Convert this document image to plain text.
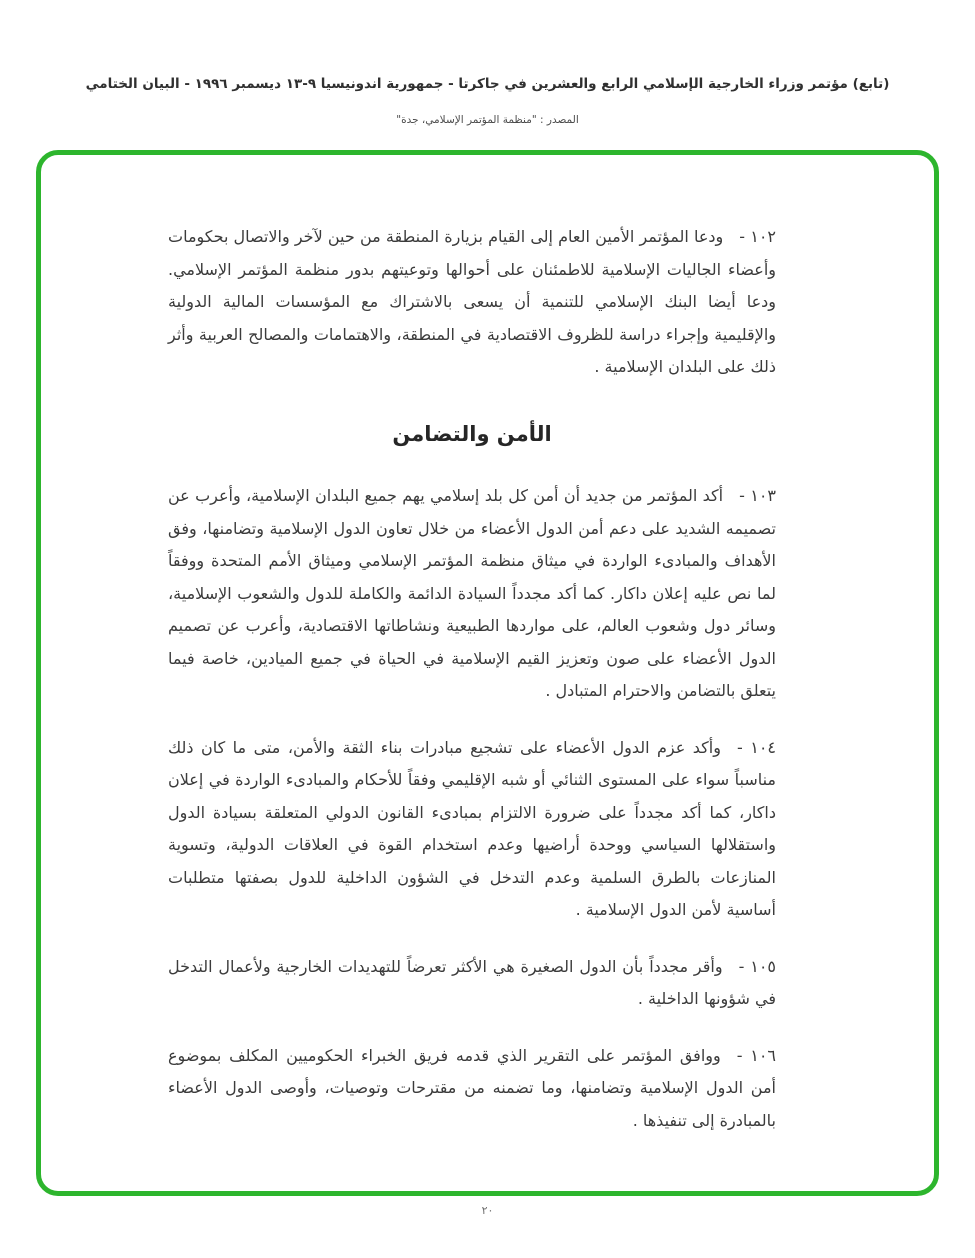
(تابع) مؤتمر وزراء الخارجية الإسلامي الرابع والعشرين في جاكرتا - جمهورية اندونيسيا ٩-١٣ ديسمبر ١٩٩٦ - البيان الختامي
المصدر : "منظمة المؤتمر الإسلامي، جدة"

١٠٢ -ودعا المؤتمر الأمين العام إلى القيام بزيارة المنطقة من حين لآخر والاتصال بحكومات وأعضاء الجاليات الإسلامية للاطمئنان على أحوالها وتوعيتهم بدور منظمة المؤتمر الإسلامي. ودعا أيضا البنك الإسلامي للتنمية أن يسعى بالاشتراك مع المؤسسات المالية الدولية والإقليمية وإجراء دراسة للظروف الاقتصادية في المنطقة، والاهتمامات والمصالح العربية وأثر ذلك على البلدان الإسلامية .

الأمن والتضامن

١٠٣ -أكد المؤتمر من جديد أن أمن كل بلد إسلامي يهم جميع البلدان الإسلامية، وأعرب عن تصميمه الشديد على دعم أمن الدول الأعضاء من خلال تعاون الدول الإسلامية وتضامنها، وفق الأهداف والمبادىء الواردة في ميثاق منظمة المؤتمر الإسلامي وميثاق الأمم المتحدة ووفقاً لما نص عليه إعلان داكار. كما أكد مجدداً السيادة الدائمة والكاملة للدول والشعوب الإسلامية، وسائر دول وشعوب العالم، على مواردها الطبيعية ونشاطاتها الاقتصادية، وأعرب عن تصميم الدول الأعضاء على صون وتعزيز القيم الإسلامية في الحياة في جميع الميادين، خاصة فيما يتعلق بالتضامن والاحترام المتبادل .

١٠٤ -وأكد عزم الدول الأعضاء على تشجيع مبادرات بناء الثقة والأمن، متى ما كان ذلك مناسباً سواء على المستوى الثنائي أو شبه الإقليمي وفقاً للأحكام والمبادىء الواردة في إعلان داكار، كما أكد مجدداً على ضرورة الالتزام بمبادىء القانون الدولي المتعلقة بسيادة الدول واستقلالها السياسي ووحدة أراضيها وعدم استخدام القوة في العلاقات الدولية، وتسوية المنازعات بالطرق السلمية وعدم التدخل في الشؤون الداخلية للدول بصفتها متطلبات أساسية لأمن الدول الإسلامية .

١٠٥ -وأقر مجدداً بأن الدول الصغيرة هي الأكثر تعرضاً للتهديدات الخارجية ولأعمال التدخل في شؤونها الداخلية .

١٠٦ -ووافق المؤتمر على التقرير الذي قدمه فريق الخبراء الحكوميين المكلف بموضوع أمن الدول الإسلامية وتضامنها، وما تضمنه من مقترحات وتوصيات، وأوصى الدول الأعضاء بالمبادرة إلى تنفيذها .

٢٠
